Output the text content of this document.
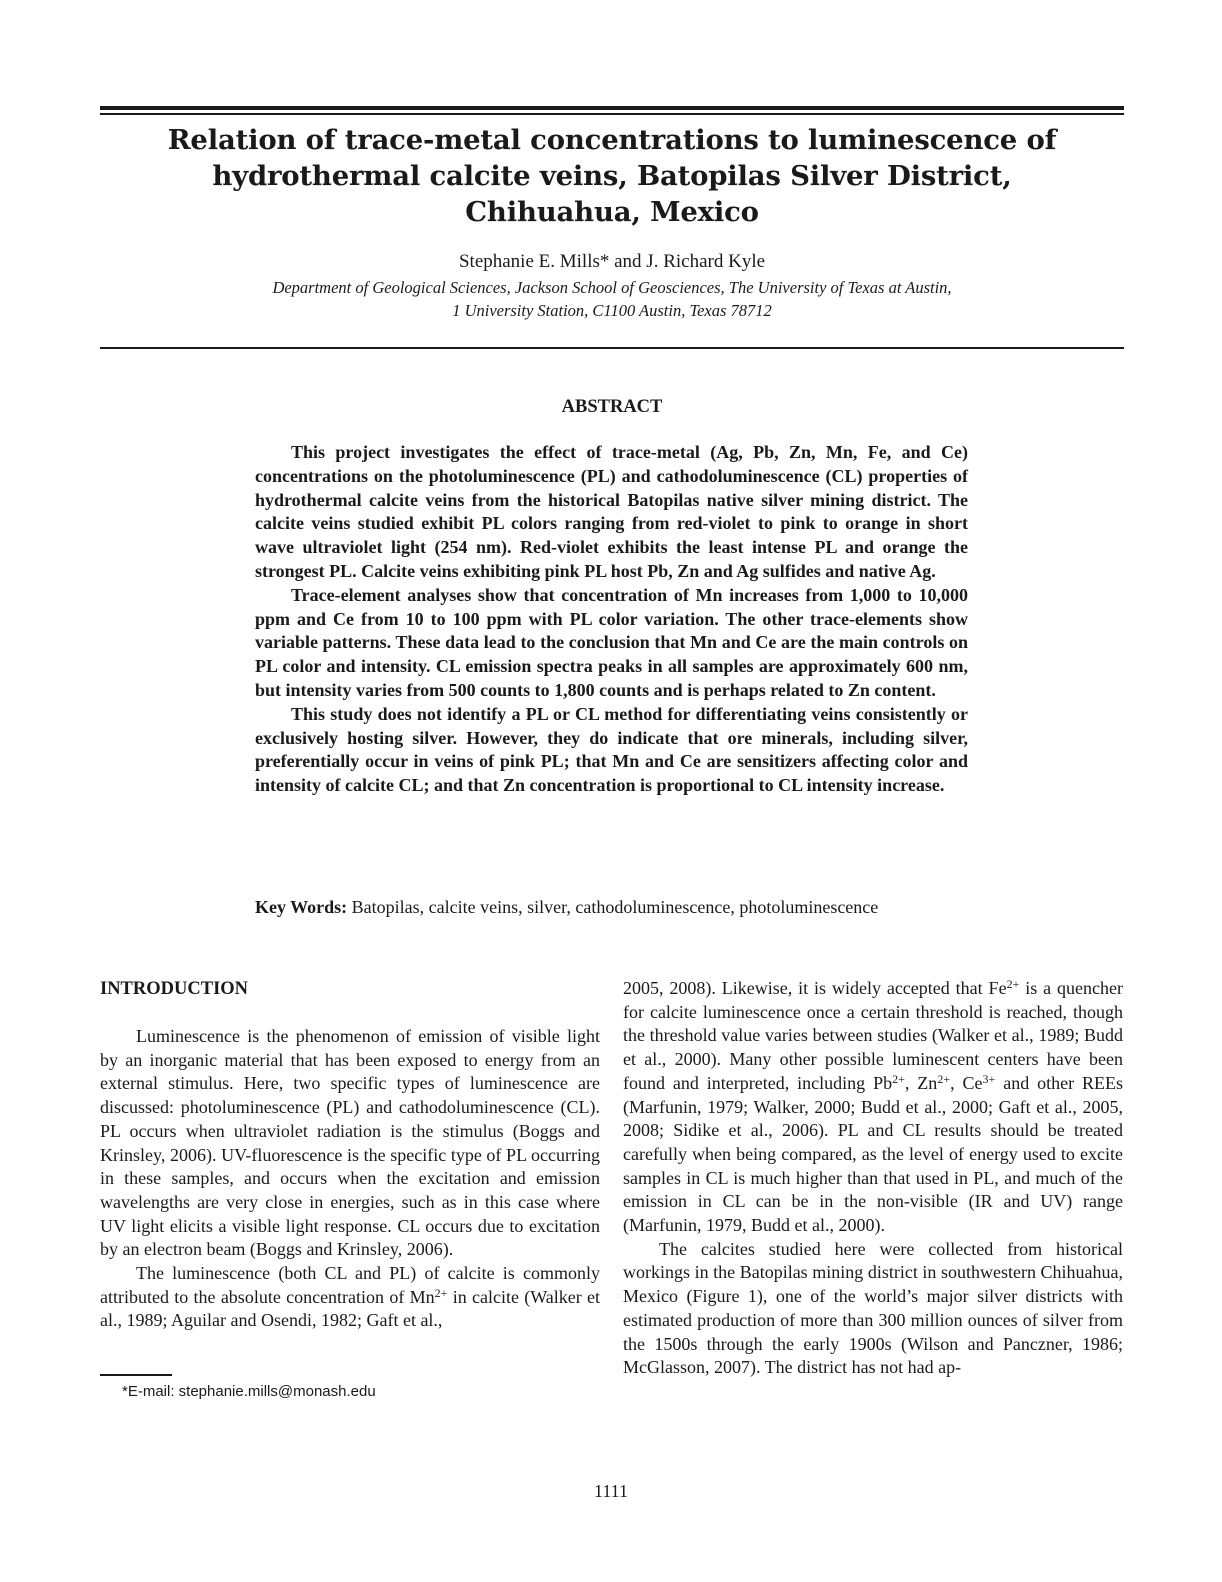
Relation of trace-metal concentrations to luminescence of
hydrothermal calcite veins, Batopilas Silver District,
Chihuahua, Mexico
Stephanie E. Mills* and J. Richard Kyle
Department of Geological Sciences, Jackson School of Geosciences, The University of Texas at Austin,
1 University Station, C1100 Austin, Texas 78712
ABSTRACT

This project investigates the effect of trace-metal (Ag, Pb, Zn, Mn, Fe, and Ce) concentrations on the photoluminescence (PL) and cathodoluminescence (CL) properties of hydrothermal calcite veins from the historical Batopilas native silver mining district. The calcite veins studied exhibit PL colors ranging from red-violet to pink to orange in short wave ultraviolet light (254 nm). Red-violet exhibits the least intense PL and orange the strongest PL. Calcite veins exhibiting pink PL host Pb, Zn and Ag sulfides and native Ag.

Trace-element analyses show that concentration of Mn increases from 1,000 to 10,000 ppm and Ce from 10 to 100 ppm with PL color variation. The other trace-elements show variable patterns. These data lead to the conclusion that Mn and Ce are the main controls on PL color and intensity. CL emission spectra peaks in all samples are approximately 600 nm, but intensity varies from 500 counts to 1,800 counts and is perhaps related to Zn content.

This study does not identify a PL or CL method for differentiating veins consistently or exclusively hosting silver. However, they do indicate that ore minerals, including silver, preferentially occur in veins of pink PL; that Mn and Ce are sensitizers affecting color and intensity of calcite CL; and that Zn concentration is proportional to CL intensity increase.

Key Words: Batopilas, calcite veins, silver, cathodoluminescence, photoluminescence
INTRODUCTION

Luminescence is the phenomenon of emission of visible light by an inorganic material that has been exposed to energy from an external stimulus. Here, two specific types of luminescence are discussed: photoluminescence (PL) and cathodoluminescence (CL). PL occurs when ultraviolet radiation is the stimulus (Boggs and Krinsley, 2006). UV-fluorescence is the specific type of PL occurring in these samples, and occurs when the excitation and emission wavelengths are very close in energies, such as in this case where UV light elicits a visible light response. CL occurs due to excitation by an electron beam (Boggs and Krinsley, 2006).

The luminescence (both CL and PL) of calcite is commonly attributed to the absolute concentration of $Mn^{2+}$ in calcite (Walker et al., 1989; Aguilar and Osendi, 1982; Gaft et al.,

2005, 2008). Likewise, it is widely accepted that $Fe^{2+}$ is a quencher for calcite luminescence once a certain threshold is reached, though the threshold value varies between studies (Walker et al., 1989; Budd et al., 2000). Many other possible luminescent centers have been found and interpreted, including $Pb^{2+}$, $Zn^{2+}$, $Ce^{3+}$ and other REEs (Marfunin, 1979; Walker, 2000; Budd et al., 2000; Gaft et al., 2005, 2008; Sidike et al., 2006). PL and CL results should be treated carefully when being compared, as the level of energy used to excite samples in CL is much higher than that used in PL, and much of the emission in CL can be in the non-visible (IR and UV) range (Marfunin, 1979, Budd et al., 2000).

The calcites studied here were collected from historical workings in the Batopilas mining district in southwestern Chihuahua, Mexico (Figure 1), one of the world’s major silver districts with estimated production of more than 300 million ounces of silver from the 1500s through the early 1900s (Wilson and Panczner, 1986; McGlasson, 2007). The district has not had ap-

*E-mail: stephanie.mills@monash.edu
1111
